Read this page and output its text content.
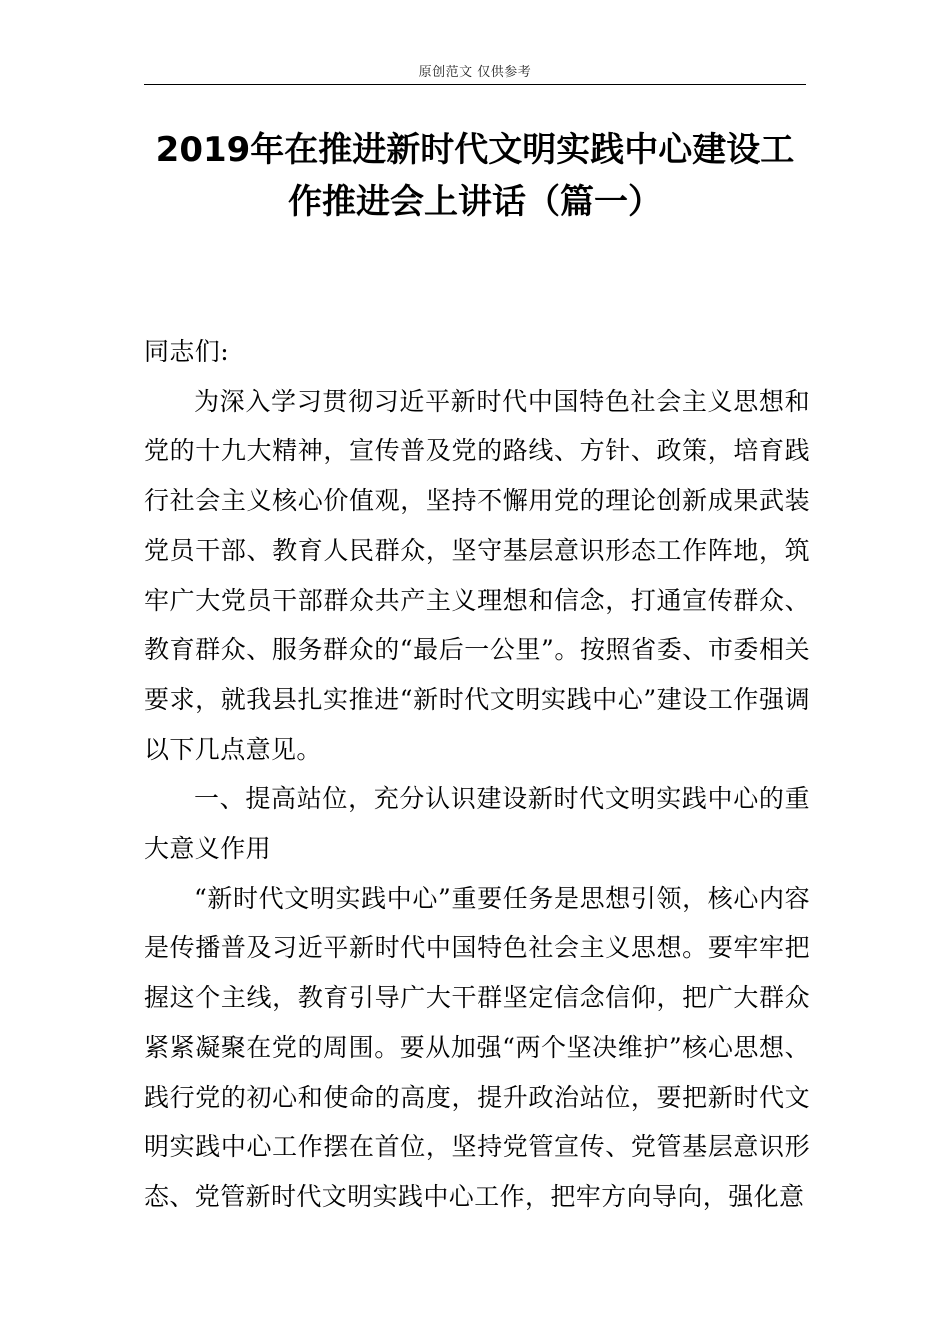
原创范文 仅供参考
2019年在推进新时代文明实践中心建设工
作推进会上讲话（篇一）

同志们:

为深入学习贯彻习近平新时代中国特色社会主义思想和党的十九大精神，宣传普及党的路线、方针、政策，培育践行社会主义核心价值观，坚持不懈用党的理论创新成果武装党员干部、教育人民群众，坚守基层意识形态工作阵地，筑牢广大党员干部群众共产主义理想和信念，打通宣传群众、教育群众、服务群众的“最后一公里”。按照省委、市委相关要求，就我县扎实推进“新时代文明实践中心”建设工作强调以下几点意见。

一、提高站位，充分认识建设新时代文明实践中心的重大意义作用

“新时代文明实践中心”重要任务是思想引领，核心内容是传播普及习近平新时代中国特色社会主义思想。要牢牢把握这个主线，教育引导广大干群坚定信念信仰，把广大群众紧紧凝聚在党的周围。要从加强“两个坚决维护”核心思想、践行党的初心和使命的高度，提升政治站位，要把新时代文明实践中心工作摆在首位，坚持党管宣传、党管基层意识形态、党管新时代文明实践中心工作，把牢方向导向，强化意
